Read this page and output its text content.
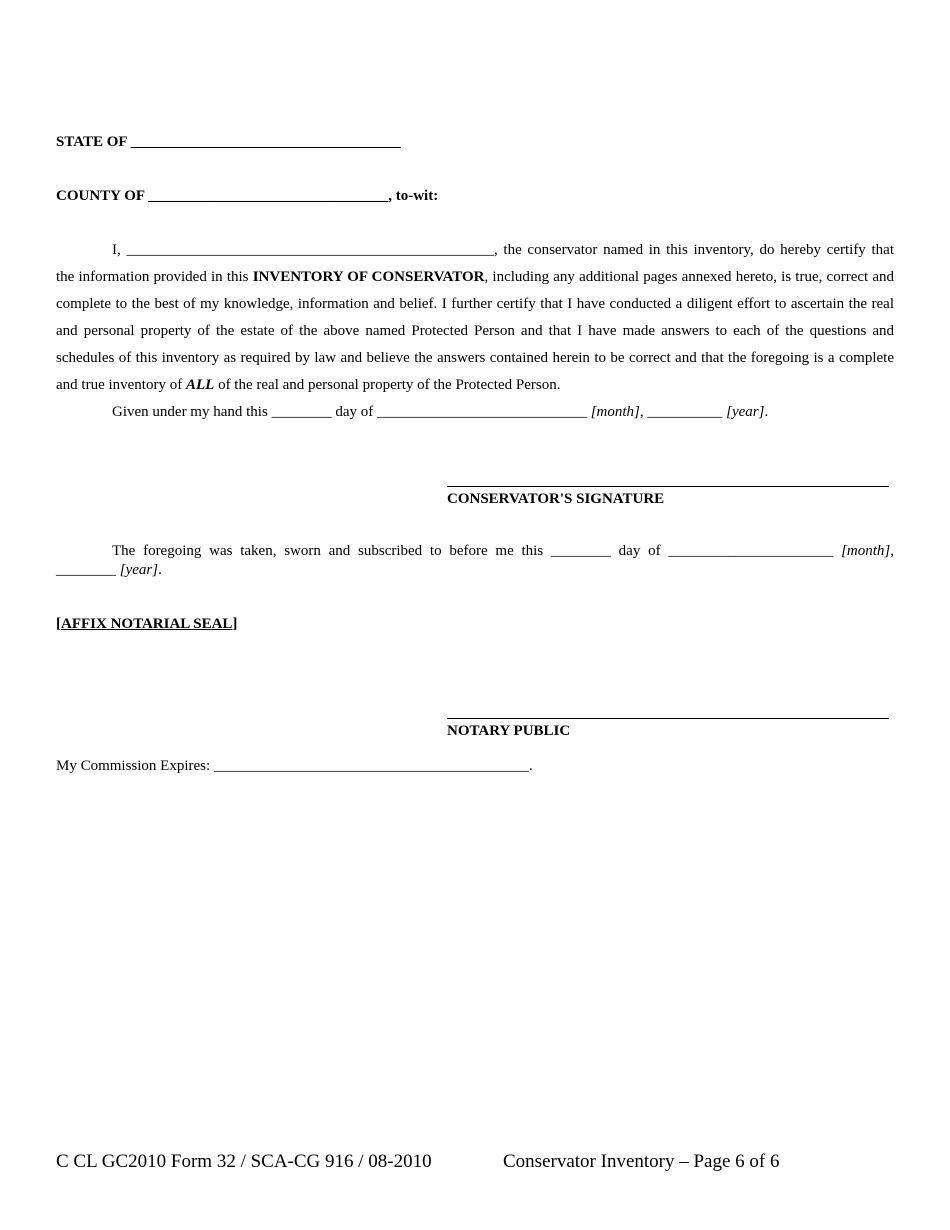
STATE OF ____________________________________
COUNTY OF ________________________________, to-wit:
I, _________________________________________________, the conservator named in this inventory, do hereby certify that the information provided in this INVENTORY OF CONSERVATOR, including any additional pages annexed hereto, is true, correct and complete to the best of my knowledge, information and belief. I further certify that I have conducted a diligent effort to ascertain the real and personal property of the estate of the above named Protected Person and that I have made answers to each of the questions and schedules of this inventory as required by law and believe the answers contained herein to be correct and that the foregoing is a complete and true inventory of ALL of the real and personal property of the Protected Person.
Given under my hand this ________ day of ____________________________ [month], __________ [year].
CONSERVATOR'S SIGNATURE
The foregoing was taken, sworn and subscribed to before me this ________ day of ______________________ [month], ________ [year].
[AFFIX NOTARIAL SEAL]
NOTARY PUBLIC
My Commission Expires: __________________________________________.
C CL GC2010 Form 32 / SCA-CG 916 / 08-2010	Conservator Inventory – Page 6 of 6
